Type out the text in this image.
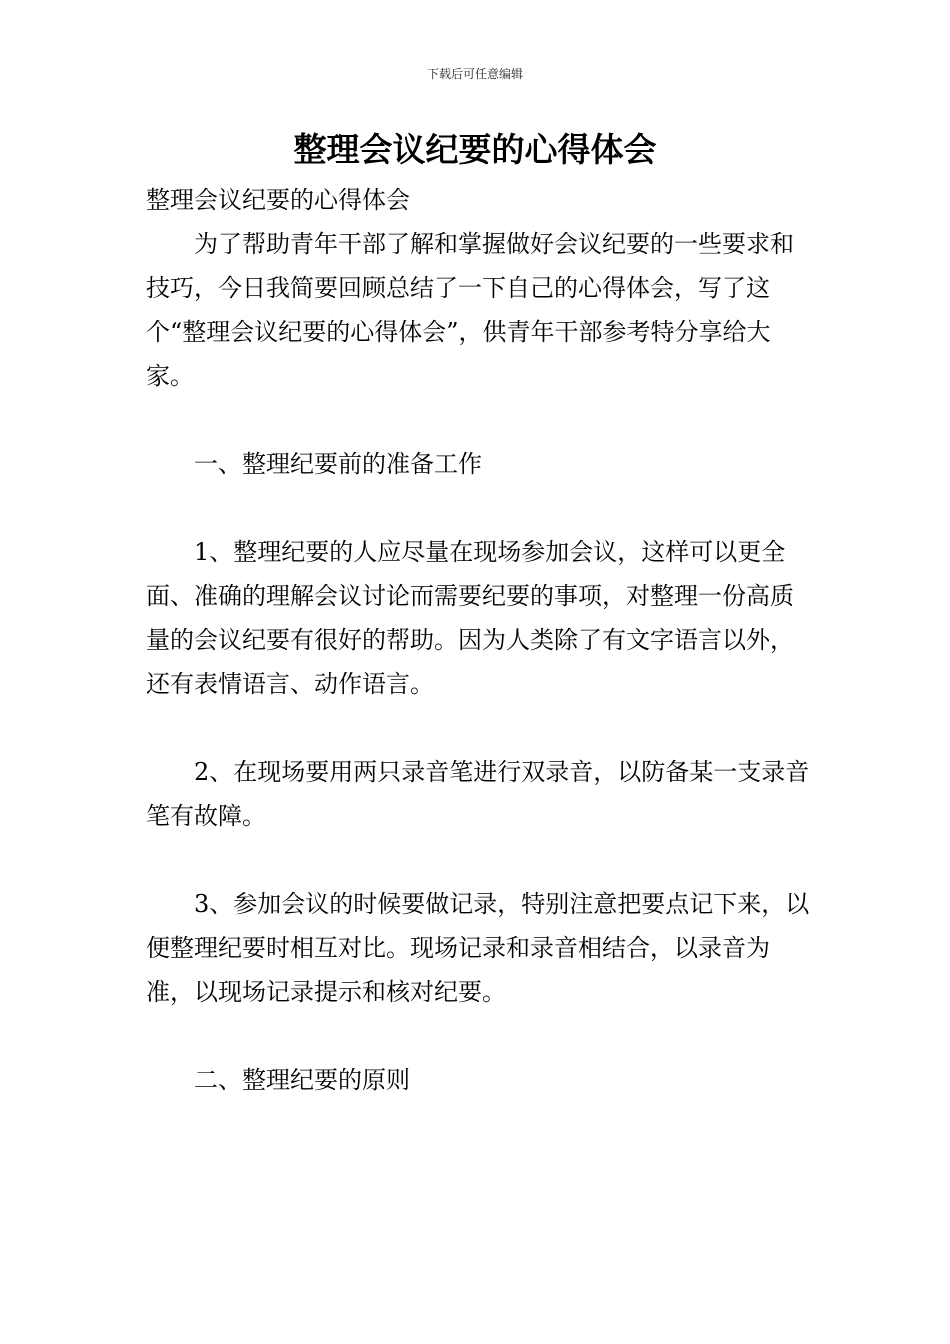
下载后可任意编辑
整理会议纪要的心得体会

整理会议纪要的心得体会

为了帮助青年干部了解和掌握做好会议纪要的一些要求和技巧，今日我简要回顾总结了一下自己的心得体会，写了这个“整理会议纪要的心得体会”，供青年干部参考特分享给大家。

一、整理纪要前的准备工作

1、整理纪要的人应尽量在现场参加会议，这样可以更全面、准确的理解会议讨论而需要纪要的事项，对整理一份高质量的会议纪要有很好的帮助。因为人类除了有文字语言以外，还有表情语言、动作语言。

2、在现场要用两只录音笔进行双录音，以防备某一支录音笔有故障。

3、参加会议的时候要做记录，特别注意把要点记下来，以便整理纪要时相互对比。现场记录和录音相结合，以录音为准，以现场记录提示和核对纪要。

二、整理纪要的原则
